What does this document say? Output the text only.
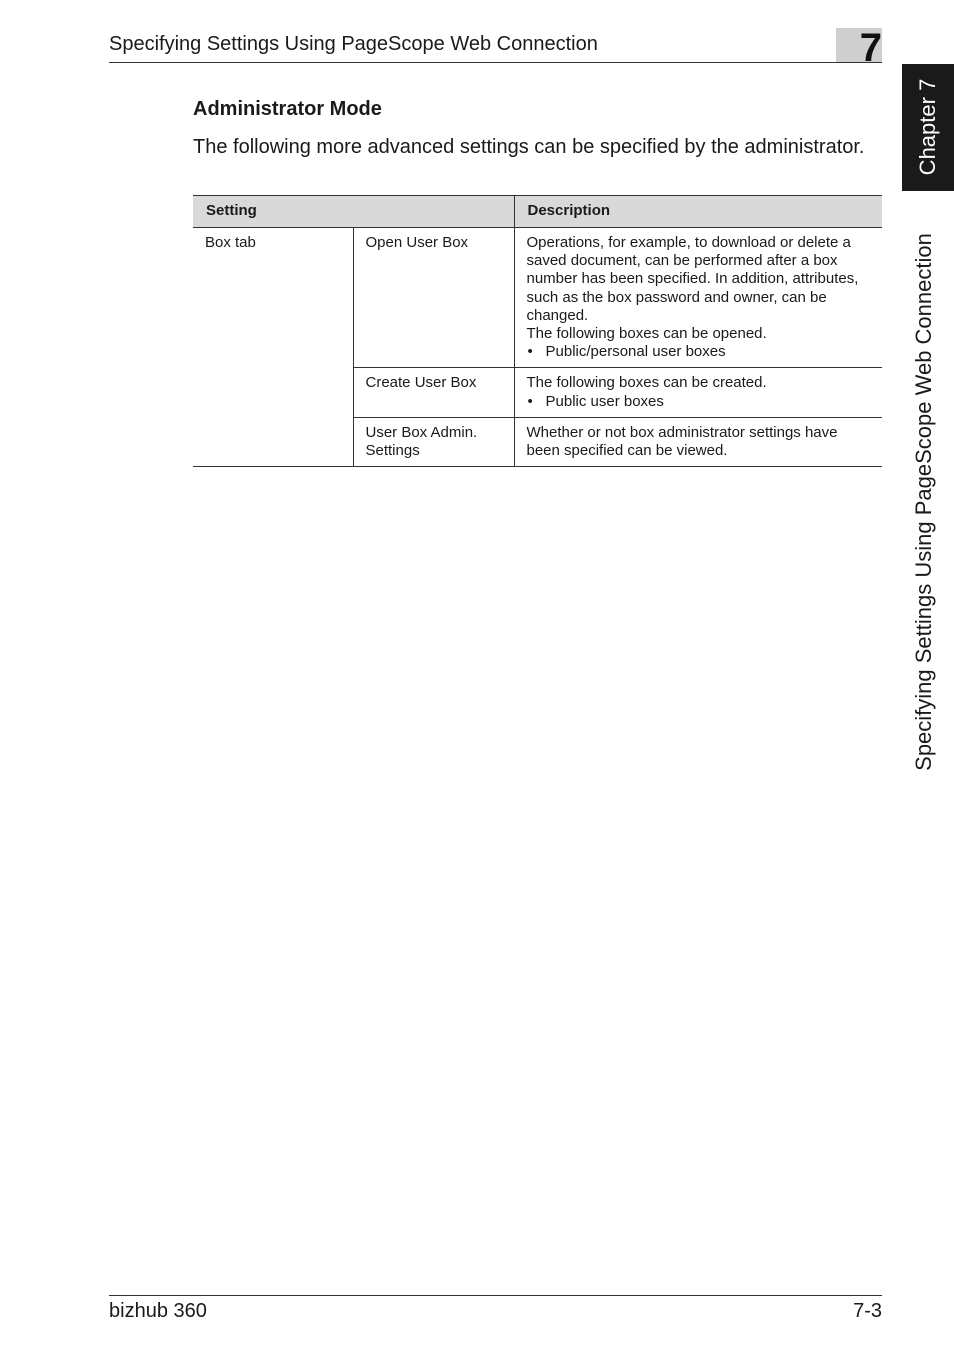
Specifying Settings Using PageScope Web Connection	7
Chapter 7
Specifying Settings Using PageScope Web Connection
Administrator Mode
The following more advanced settings can be specified by the administrator.
Setting		Description
Box tab	Open User Box	Operations, for example, to download or delete a saved document, can be performed after a box number has been specified. In addition, attributes, such as the box password and owner, can be changed.
The following boxes can be opened.
• Public/personal user boxes

	Create User Box	The following boxes can be created.
• Public user boxes

	User Box Admin. Settings	Whether or not box administrator settings have been specified can be viewed.
bizhub 360	7-3
